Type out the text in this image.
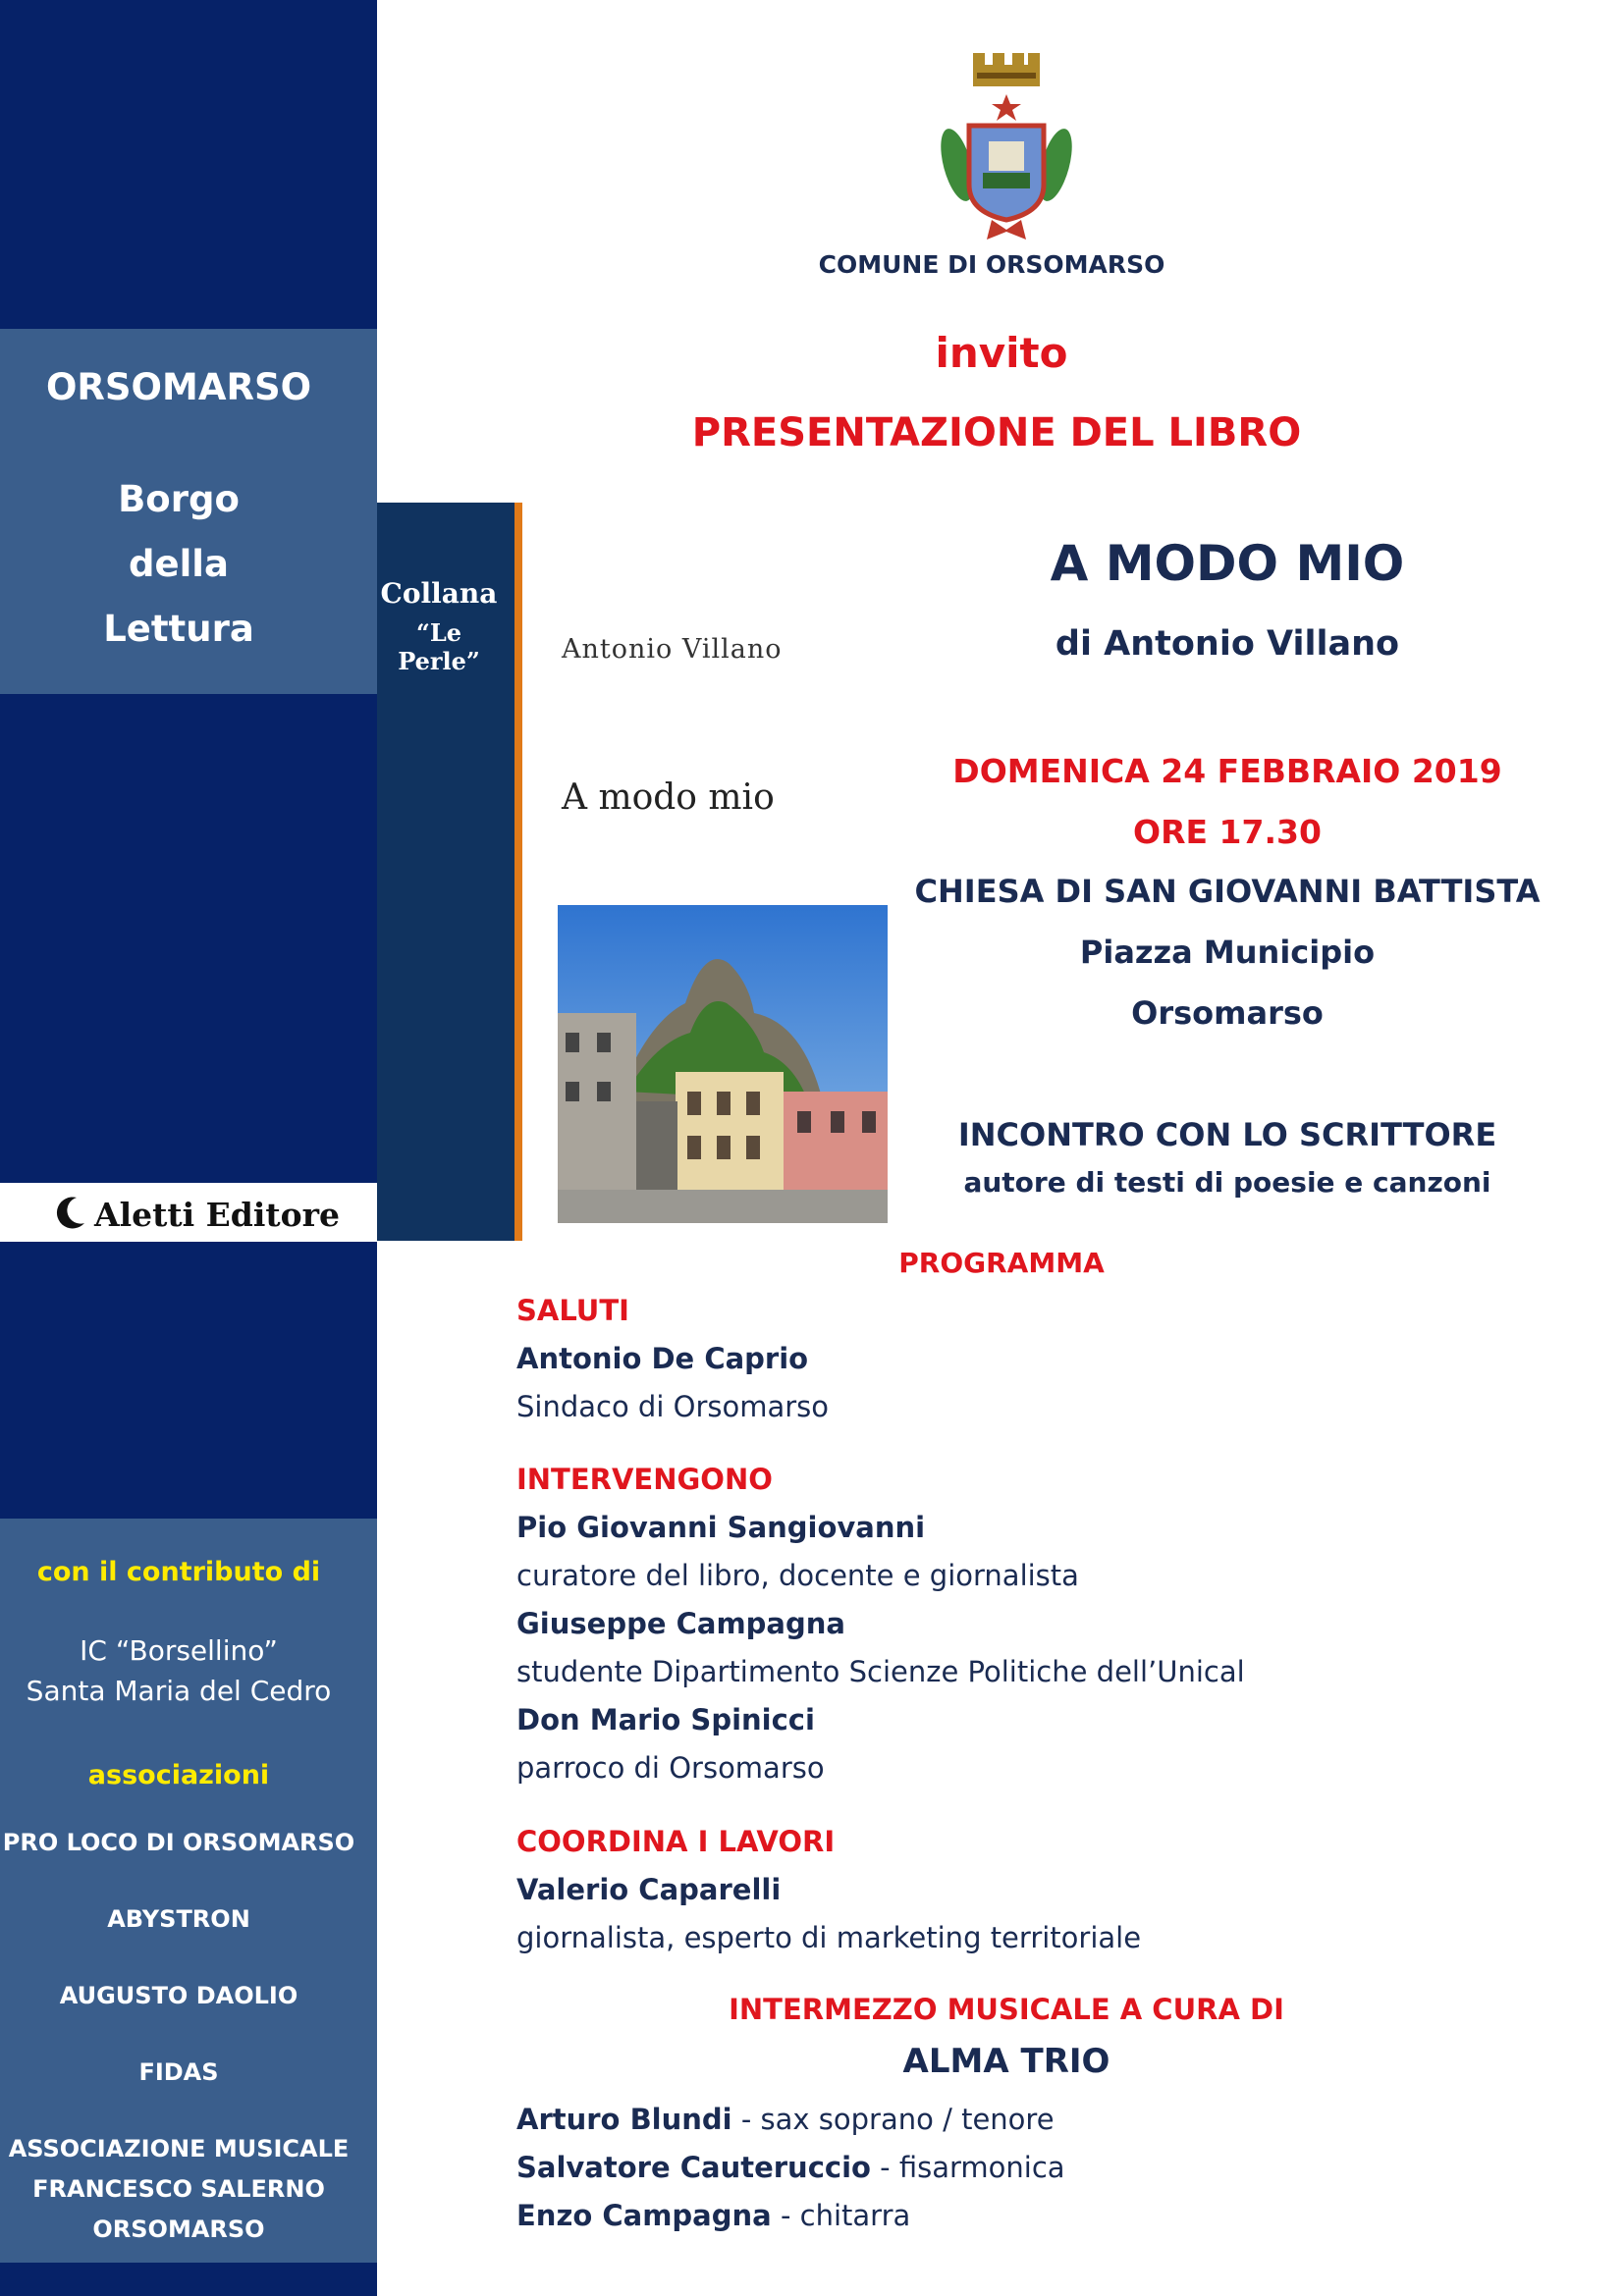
ORSOMARSO
Borgo
della
Lettura
Aletti Editore
con il contributo di
IC “Borsellino”
Santa Maria del Cedro
associazioni
PRO LOCO DI ORSOMARSO
ABYSTRON
AUGUSTO DAOLIO
FIDAS
ASSOCIAZIONE MUSICALE
FRANCESCO SALERNO
ORSOMARSO
COMUNE DI ORSOMARSO
invito
PRESENTAZIONE DEL LIBRO
Collana
“Le Perle”	Antonio Villano
A modo mio
A MODO MIO
di Antonio Villano
DOMENICA 24 FEBBRAIO 2019
ORE 17.30
CHIESA DI SAN GIOVANNI BATTISTA
Piazza Municipio
Orsomarso
INCONTRO CON LO SCRITTORE
autore di testi di poesie e canzoni
PROGRAMMA
SALUTI
Antonio De Caprio
Sindaco di Orsomarso
INTERVENGONO
Pio Giovanni Sangiovanni
curatore del libro, docente e giornalista
Giuseppe Campagna
studente Dipartimento Scienze Politiche dell’Unical
Don Mario Spinicci
parroco di Orsomarso
COORDINA I LAVORI
Valerio Caparelli
giornalista, esperto di marketing territoriale
INTERMEZZO MUSICALE A CURA DI
ALMA TRIO
Arturo Blundi - sax soprano / tenore
Salvatore Cauteruccio - fisarmonica
Enzo Campagna - chitarra
